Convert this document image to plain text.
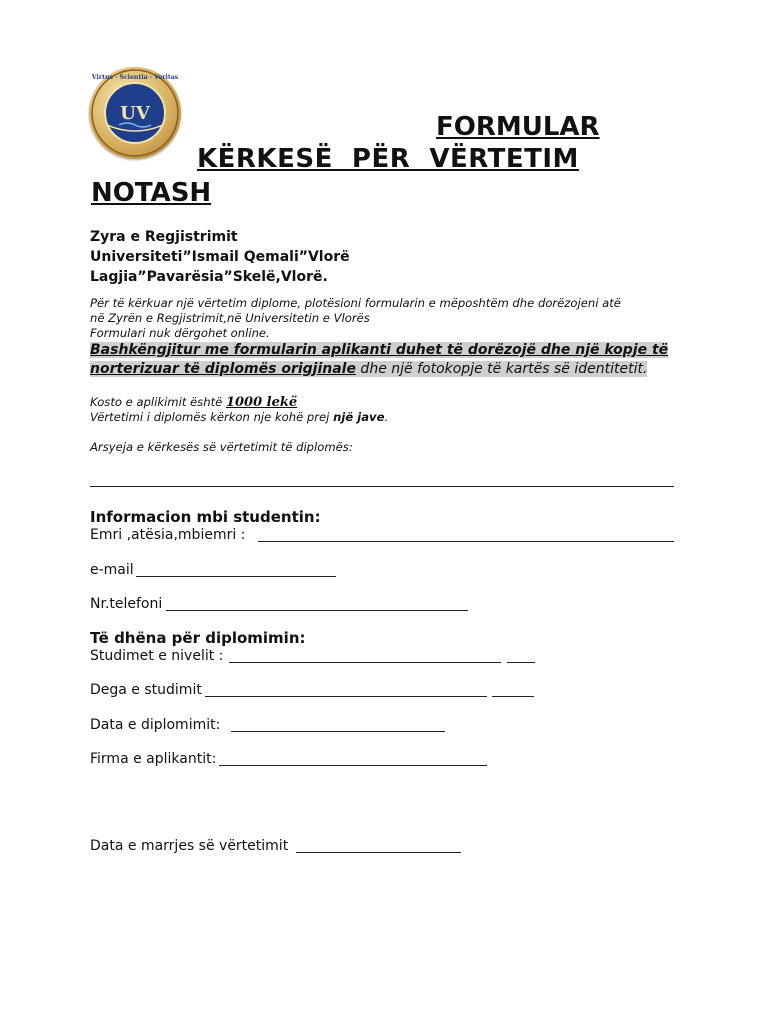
UV
Virtus · Scientia · Veritas
FORMULAR
KËRKESË  PËR  VËRTETIM
NOTASH
Zyra e Regjistrimit
Universiteti”Ismail Qemali”Vlorë
Lagjia”Pavarësia”Skelë,Vlorë.
Për të kërkuar një vërtetim diplome, plotësioni formularin e mëposhtëm dhe dorëzojeni atë
në Zyrën e Regjistrimit,në Universitetin e Vlorës
Formulari nuk dërgohet online.
Bashkëngjitur me formularin aplikanti duhet të dorëzojë dhe një kopje të norterizuar të diplomës origjinale dhe një fotokopje të kartës së identitetit.
Kosto e aplikimit është 1000 lekë
Vërtetimi i diplomës kërkon nje kohë prej një jave.
Arsyeja e kërkesës së vërtetimit të diplomës:
Informacion mbi studentin:
Emri ,atësia,mbiemri :
e-mail
Nr.telefoni
Të dhëna për diplomimin:
Studimet e nivelit :
Dega e studimit
Data e diplomimit:
Firma e aplikantit:
Data e marrjes së vërtetimit
